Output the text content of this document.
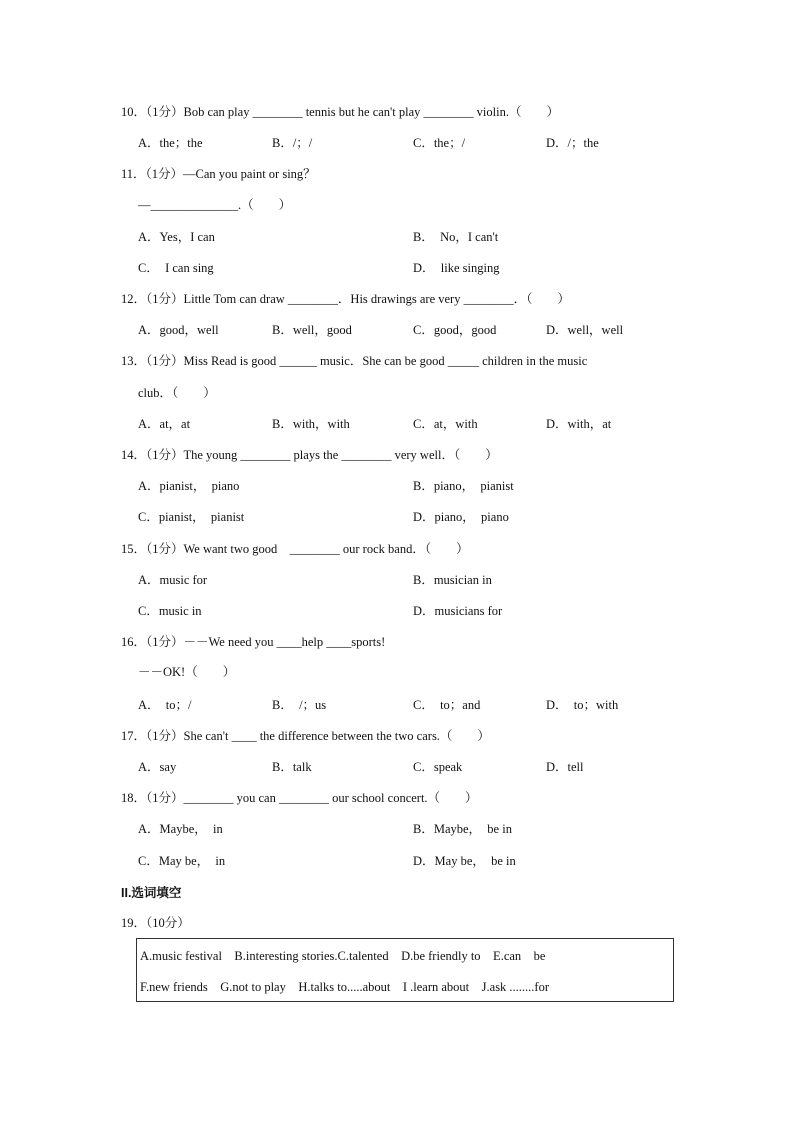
10．（1分）Bob can play ________ tennis but he can't play ________ violin.（　　）
A．the；the	B．/；/	C．the；/	D．/；the
11．（1分）—Can you paint or sing？
—______________.（　　）
A．Yes，I can	B．　No，I can't
C．　I can sing	D．　like singing
12．（1分）Little Tom can draw ________．His drawings are very ________．（　　）
A．good，well	B．well，good	C．good，good	D．well，well
13．（1分）Miss Read is good ______ music．She can be good _____ children in the music
club．（　　）
A．at，at	B．with，with	C．at，with	D．with，at
14．（1分）The young ________ plays the ________ very well．（　　）
A．pianist，　piano	B．piano，　pianist
C．pianist，　pianist	D．piano，　piano
15．（1分）We want two good　________ our rock band．（　　）
A．music for	B．musician in
C．music in	D．musicians for
16．（1分）－－We need you ____help ____sports!
－－OK!（　　）
A．　to；/	B．　/；us	C．　to；and	D．　to；with
17．（1分）She can't ____ the difference between the two cars.（　　）
A．say	B．talk	C．speak	D．tell
18．（1分）________ you can ________ our school concert.（　　）
A．Maybe，　in	B．Maybe，　be in
C．May be，　in	D．May be，　be in
II.选词填空
19．（10分）
A.music festival　B.interesting stories.C.talented　D.be friendly to　E.can　be
F.new friends　G.not to play　H.talks to.....about　I .learn about　J.ask ........for
